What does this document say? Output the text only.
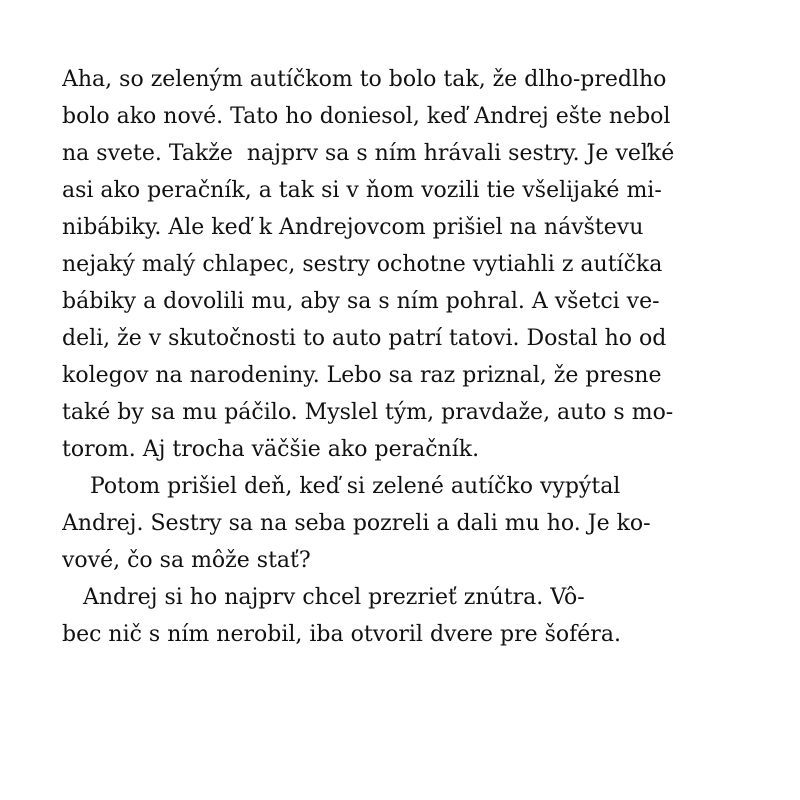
Aha, so zeleným autíčkom to bolo tak, že dlho-predlho
bolo ako nové. Tato ho doniesol, keď Andrej ešte nebol
na svete. Takže  najprv sa s ním hrávali sestry. Je veľké
asi ako peračník, a tak si v ňom vozili tie všelijaké mi-
nibábiky. Ale keď k Andrejovcom prišiel na návštevu
nejaký malý chlapec, sestry ochotne vytiahli z autíčka
bábiky a dovolili mu, aby sa s ním pohral. A všetci ve-
deli, že v skutočnosti to auto patrí tatovi. Dostal ho od
kolegov na narodeniny. Lebo sa raz priznal, že presne
také by sa mu páčilo. Myslel tým, pravdaže, auto s mo-
torom. Aj trocha väčšie ako peračník.
Potom prišiel deň, keď si zelené autíčko vypýtal
Andrej. Sestry sa na seba pozreli a dali mu ho. Je ko-
vové, čo sa môže stať?
Andrej si ho najprv chcel prezrieť znútra. Vô-
bec nič s ním nerobil, iba otvoril dvere pre šoféra.
